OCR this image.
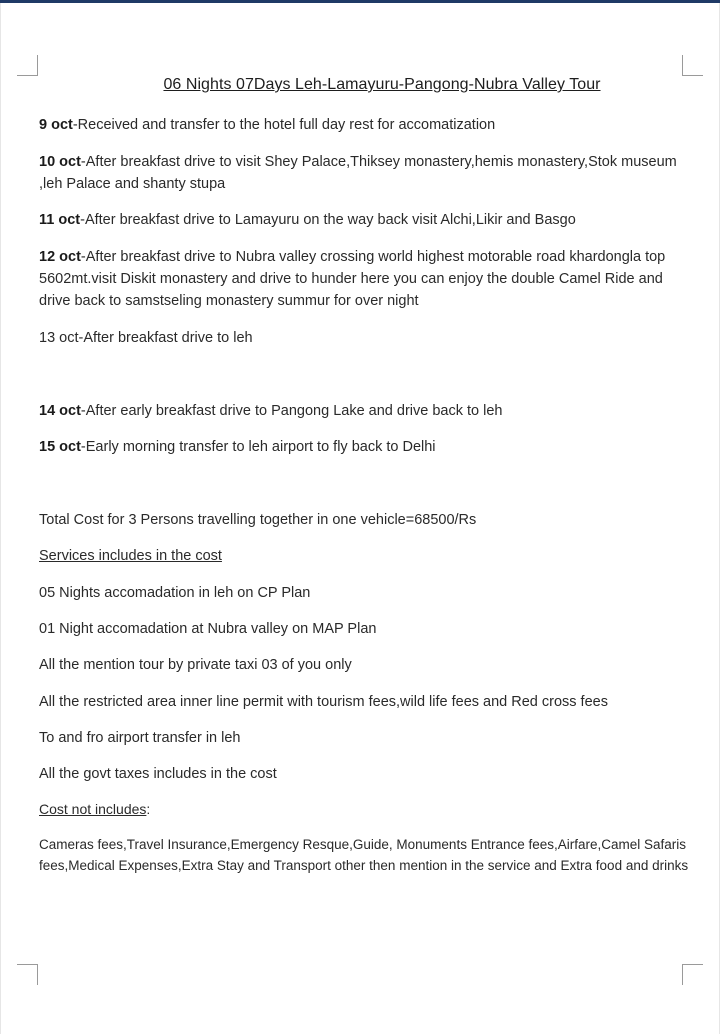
06 Nights 07Days Leh-Lamayuru-Pangong-Nubra Valley Tour
9 oct-Received and transfer to the hotel full day rest for accomatization
10 oct-After breakfast drive to visit Shey Palace,Thiksey monastery,hemis monastery,Stok museum ,leh Palace and shanty stupa
11 oct-After breakfast drive to Lamayuru on the way back visit Alchi,Likir and Basgo
12 oct-After breakfast drive to Nubra valley crossing world highest motorable road khardongla top 5602mt.visit Diskit monastery and drive to hunder here you can enjoy the double Camel Ride and drive back to samstseling monastery summur for over night
13 oct-After breakfast drive to leh
14 oct-After early breakfast drive to Pangong Lake and drive back to leh
15 oct-Early morning transfer to leh airport to fly back to Delhi
Total Cost for 3 Persons travelling together in one vehicle=68500/Rs
Services includes in the cost
05 Nights accomadation in leh on CP Plan
01 Night accomadation at Nubra valley on MAP Plan
All the mention tour by private taxi 03 of you only
All the restricted area inner line permit with tourism fees,wild life fees and Red cross fees
To and fro airport transfer in leh
All the govt taxes includes in the cost
Cost not includes:
Cameras fees,Travel Insurance,Emergency Resque,Guide, Monuments Entrance fees,Airfare,Camel Safaris fees,Medical Expenses,Extra Stay and Transport other then mention in the service and Extra food and drinks
